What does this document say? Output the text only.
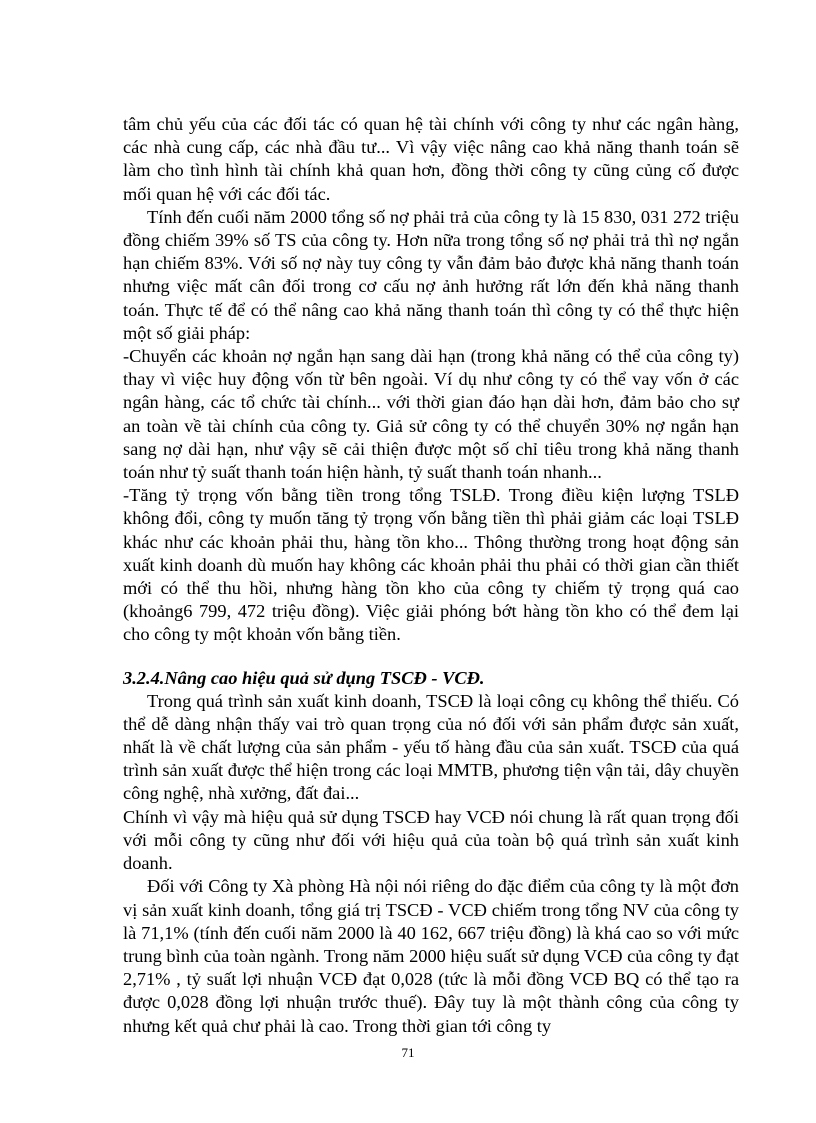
tâm chủ yếu của các đối tác có quan hệ tài chính với công ty như các ngân hàng, các nhà cung cấp, các nhà đầu tư... Vì vậy việc nâng cao khả năng thanh toán sẽ làm cho tình hình tài chính khả quan hơn, đồng thời công ty cũng củng cố được mối quan hệ với các đối tác.

Tính đến cuối năm 2000 tổng số nợ phải trả của công ty là 15 830, 031 272 triệu đồng chiếm 39% số TS của công ty. Hơn nữa trong tổng số nợ phải trả thì nợ ngắn hạn chiếm 83%. Với số nợ này tuy công ty vẫn đảm bảo được khả năng thanh toán nhưng việc mất cân đối trong cơ cấu nợ ảnh hưởng rất lớn đến khả năng thanh toán. Thực tế để có thể nâng cao khả năng thanh toán thì công ty có thể thực hiện một số giải pháp:

-Chuyển các khoản nợ ngắn hạn sang dài hạn (trong khả năng có thể của công ty) thay vì việc huy động vốn từ bên ngoài. Ví dụ như công ty có thể vay vốn ở các ngân hàng, các tổ chức tài chính... với thời gian đáo hạn dài hơn, đảm bảo cho sự an toàn về tài chính của công ty. Giả sử công ty có thể chuyển 30% nợ ngắn hạn sang nợ dài hạn, như vậy sẽ cải thiện được một số chỉ tiêu trong khả năng thanh toán như tỷ suất thanh toán hiện hành, tỷ suất thanh toán nhanh...

-Tăng tỷ trọng vốn bằng tiền trong tổng TSLĐ. Trong điều kiện lượng TSLĐ không đổi, công ty muốn tăng tỷ trọng vốn bằng tiền thì phải giảm các loại TSLĐ khác như các khoản phải thu, hàng tồn kho... Thông thường trong hoạt động sản xuất kinh doanh dù muốn hay không các khoản phải thu phải có thời gian cần thiết mới có thể thu hồi, nhưng hàng tồn kho của công ty chiếm tỷ trọng quá cao (khoảng6 799, 472 triệu đồng). Việc giải phóng bớt hàng tồn kho có thể đem lại cho công ty một khoản vốn bằng tiền.

3.2.4.Nâng cao hiệu quả sử dụng TSCĐ - VCĐ.

Trong quá trình sản xuất kinh doanh, TSCĐ là loại công cụ không thể thiếu. Có thể dễ dàng nhận thấy vai trò quan trọng của nó đối với sản phẩm được sản xuất, nhất là về chất lượng của sản phẩm - yếu tố hàng đầu của sản xuất. TSCĐ của quá trình sản xuất được thể hiện trong các loại MMTB, phương tiện vận tải, dây chuyền công nghệ, nhà xưởng, đất đai...

Chính vì vậy mà hiệu quả sử dụng TSCĐ hay VCĐ nói chung là rất quan trọng đối với mỗi công ty cũng như đối với hiệu quả của toàn bộ quá trình sản xuất kinh doanh.

Đối với Công ty Xà phòng Hà nội nói riêng do đặc điểm của công ty là một đơn vị sản xuất kinh doanh, tổng giá trị TSCĐ - VCĐ chiếm trong tổng NV của công ty là 71,1% (tính đến cuối năm 2000 là 40 162, 667 triệu đồng) là khá cao so với mức trung bình của toàn ngành. Trong năm 2000 hiệu suất sử dụng VCĐ của công ty đạt 2,71% , tỷ suất lợi nhuận VCĐ đạt 0,028 (tức là mỗi đồng VCĐ BQ có thể tạo ra được 0,028 đồng lợi nhuận trước thuế). Đây tuy là một thành công của công ty nhưng kết quả chư phải là cao. Trong thời gian tới công ty

71
